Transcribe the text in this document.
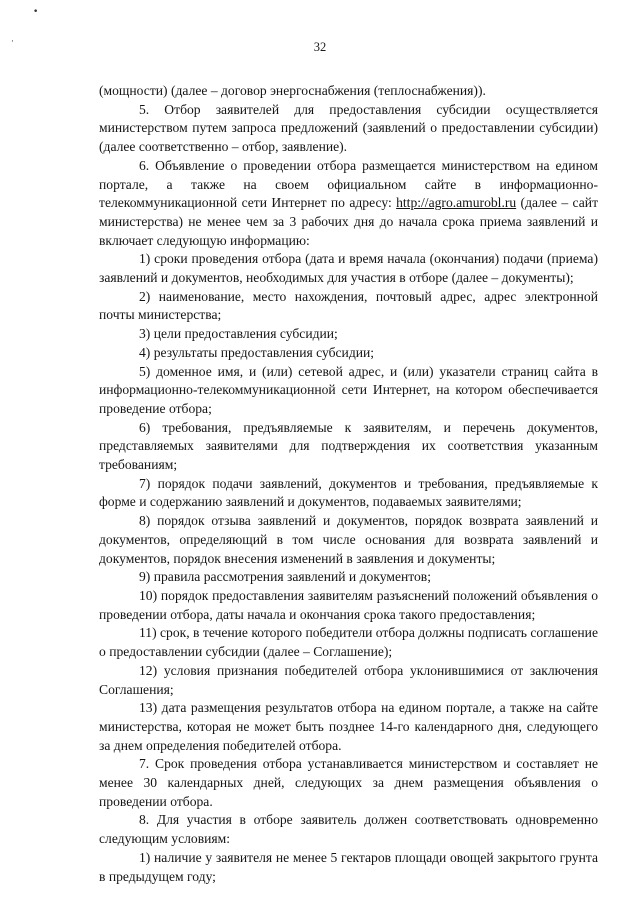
•
·	32

(мощности) (далее – договор энергоснабжения (теплоснабжения)).

5. Отбор заявителей для предоставления субсидии осуществляется министерством путем запроса предложений (заявлений о предоставлении субсидии) (далее соответственно – отбор, заявление).

6. Объявление о проведении отбора размещается министерством на едином портале, а также на своем официальном сайте в информационно-телекоммуникационной сети Интернет по адресу: http://agro.amurobl.ru (далее – сайт министерства) не менее чем за 3 рабочих дня до начала срока приема заявлений и включает следующую информацию:

1) сроки проведения отбора (дата и время начала (окончания) подачи (приема) заявлений и документов, необходимых для участия в отборе (далее – документы);

2) наименование, место нахождения, почтовый адрес, адрес электронной почты министерства;

3) цели предоставления субсидии;

4) результаты предоставления субсидии;

5) доменное имя, и (или) сетевой адрес, и (или) указатели страниц сайта в информационно-телекоммуникационной сети Интернет, на котором обеспечивается проведение отбора;

6) требования, предъявляемые к заявителям, и перечень документов, представляемых заявителями для подтверждения их соответствия указанным требованиям;

7) порядок подачи заявлений, документов и требования, предъявляемые к форме и содержанию заявлений и документов, подаваемых заявителями;

8) порядок отзыва заявлений и документов, порядок возврата заявлений и документов, определяющий в том числе основания для возврата заявлений и документов, порядок внесения изменений в заявления и документы;

9) правила рассмотрения заявлений и документов;

10) порядок предоставления заявителям разъяснений положений объявления о проведении отбора, даты начала и окончания срока такого предоставления;

11) срок, в течение которого победители отбора должны подписать соглашение о предоставлении субсидии (далее – Соглашение);

12) условия признания победителей отбора уклонившимися от заключения Соглашения;

13) дата размещения результатов отбора на едином портале, а также на сайте министерства, которая не может быть позднее 14-го календарного дня, следующего за днем определения победителей отбора.

7. Срок проведения отбора устанавливается министерством и составляет не менее 30 календарных дней, следующих за днем размещения объявления о проведении отбора.

8. Для участия в отборе заявитель должен соответствовать одновременно следующим условиям:

1) наличие у заявителя не менее 5 гектаров площади овощей закрытого грунта в предыдущем году;
